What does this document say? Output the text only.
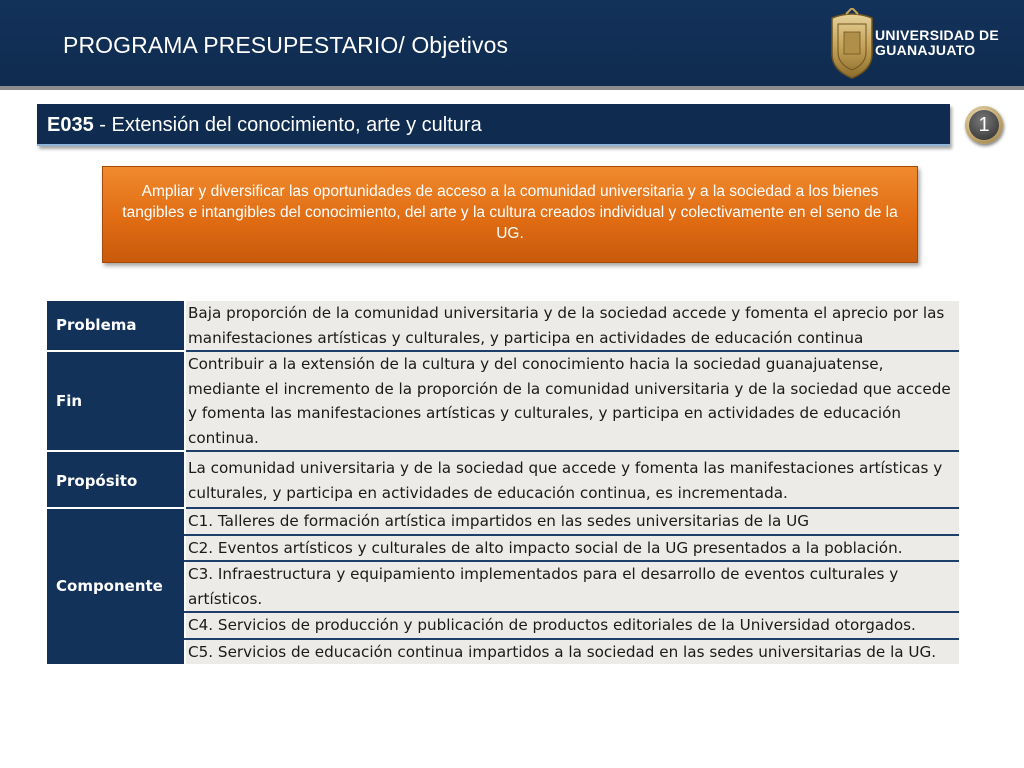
PROGRAMA PRESUPESTARIO/ Objetivos	UNIVERSIDAD DE
GUANAJUATO
E035 - Extensión del conocimiento, arte y cultura	1
Ampliar y diversificar las oportunidades de acceso a la comunidad universitaria y a la sociedad a los bienes tangibles e intangibles del conocimiento, del arte y la cultura creados individual y colectivamente en el seno de la UG.
Problema	Baja proporción de la comunidad universitaria y de la sociedad accede y fomenta el aprecio por las manifestaciones artísticas y culturales, y participa en actividades de educación continua
Fin	Contribuir a la extensión de la cultura y del conocimiento hacia la sociedad guanajuatense, mediante el incremento de la proporción de la comunidad universitaria y de la sociedad que accede y fomenta las manifestaciones artísticas y culturales, y participa en actividades de educación continua.
Propósito	La comunidad universitaria y de la sociedad que accede y fomenta las manifestaciones artísticas y culturales, y participa en actividades de educación continua, es incrementada.
Componente	C1. Talleres de formación artística impartidos en las sedes universitarias de la UG
	C2. Eventos artísticos y culturales de alto impacto social de la UG presentados a la población.
	C3. Infraestructura y equipamiento implementados para el desarrollo de eventos culturales y artísticos.
	C4. Servicios de producción y publicación de productos editoriales de la Universidad otorgados.
	C5. Servicios de educación continua impartidos a la sociedad en las sedes universitarias de la UG.
